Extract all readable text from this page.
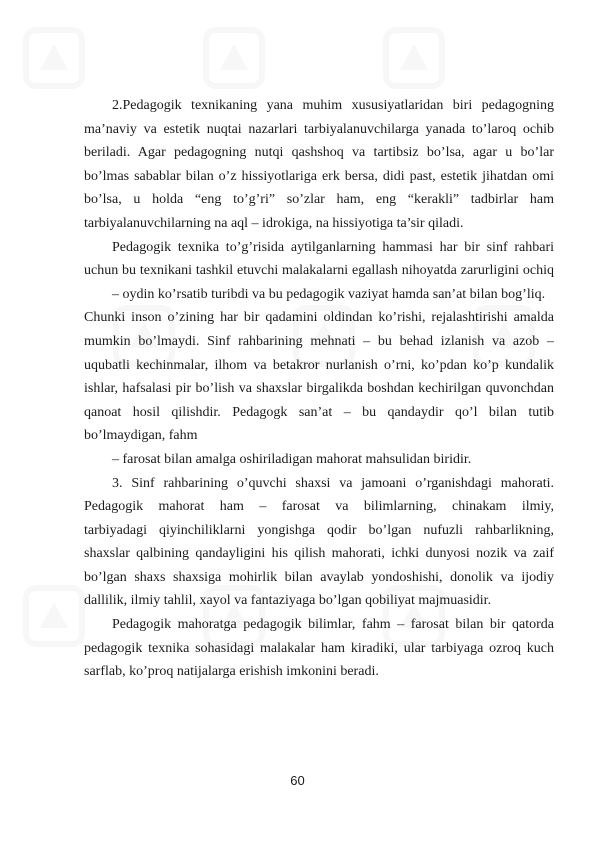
2.Pedagogik texnikaning yana muhim xususiyatlaridan biri pedagogning
ma’naviy va estetik nuqtai nazarlari tarbiyalanuvchilarga yanada to’laroq ochib
beriladi. Agar pedagogning nutqi qashshoq va tartibsiz bo’lsa, agar u bo’lar
bo’lmas sabablar bilan o’z hissiyotlariga erk bersa, didi past, estetik jihatdan omi
bo’lsa, u holda “eng to’g’ri” so’zlar ham, eng “kerakli” tadbirlar ham
tarbiyalanuvchilarning na aql – idrokiga, na hissiyotiga ta’sir qiladi.
Pedagogik texnika to’g’risida aytilganlarning hammasi har bir sinf rahbari
uchun bu texnikani tashkil etuvchi malakalarni egallash nihoyatda zarurligini ochiq
– oydin ko’rsatib turibdi va bu pedagogik vaziyat hamda san’at bilan bog’liq.
Chunki inson o’zining har bir qadamini oldindan ko’rishi, rejalashtirishi amalda
mumkin bo’lmaydi. Sinf rahbarining mehnati – bu behad izlanish va azob –
uqubatli kechinmalar, ilhom va betakror nurlanish o’rni, ko’pdan ko’p kundalik
ishlar, hafsalasi pir bo’lish va shaxslar birgalikda boshdan kechirilgan quvonchdan
qanoat hosil qilishdir. Pedagogk san’at – bu qandaydir qo’l bilan tutib
bo’lmaydigan, fahm
– farosat bilan amalga oshiriladigan mahorat mahsulidan biridir.
3. Sinf rahbarining o’quvchi shaxsi va jamoani o’rganishdagi mahorati.
Pedagogik mahorat ham – farosat va bilimlarning, chinakam ilmiy,
tarbiyadagi qiyinchiliklarni yongishga qodir bo’lgan nufuzli rahbarlikning,
shaxslar qalbining qandayligini his qilish mahorati, ichki dunyosi nozik va zaif
bo’lgan shaxs shaxsiga mohirlik bilan avaylab yondoshishi, donolik va ijodiy
dallilik, ilmiy tahlil, xayol va fantaziyaga bo’lgan qobiliyat majmuasidir.
Pedagogik mahoratga pedagogik bilimlar, fahm – farosat bilan bir qatorda
pedagogik texnika sohasidagi malakalar ham kiradiki, ular tarbiyaga ozroq kuch
sarflab, ko’proq natijalarga erishish imkonini beradi.
60
